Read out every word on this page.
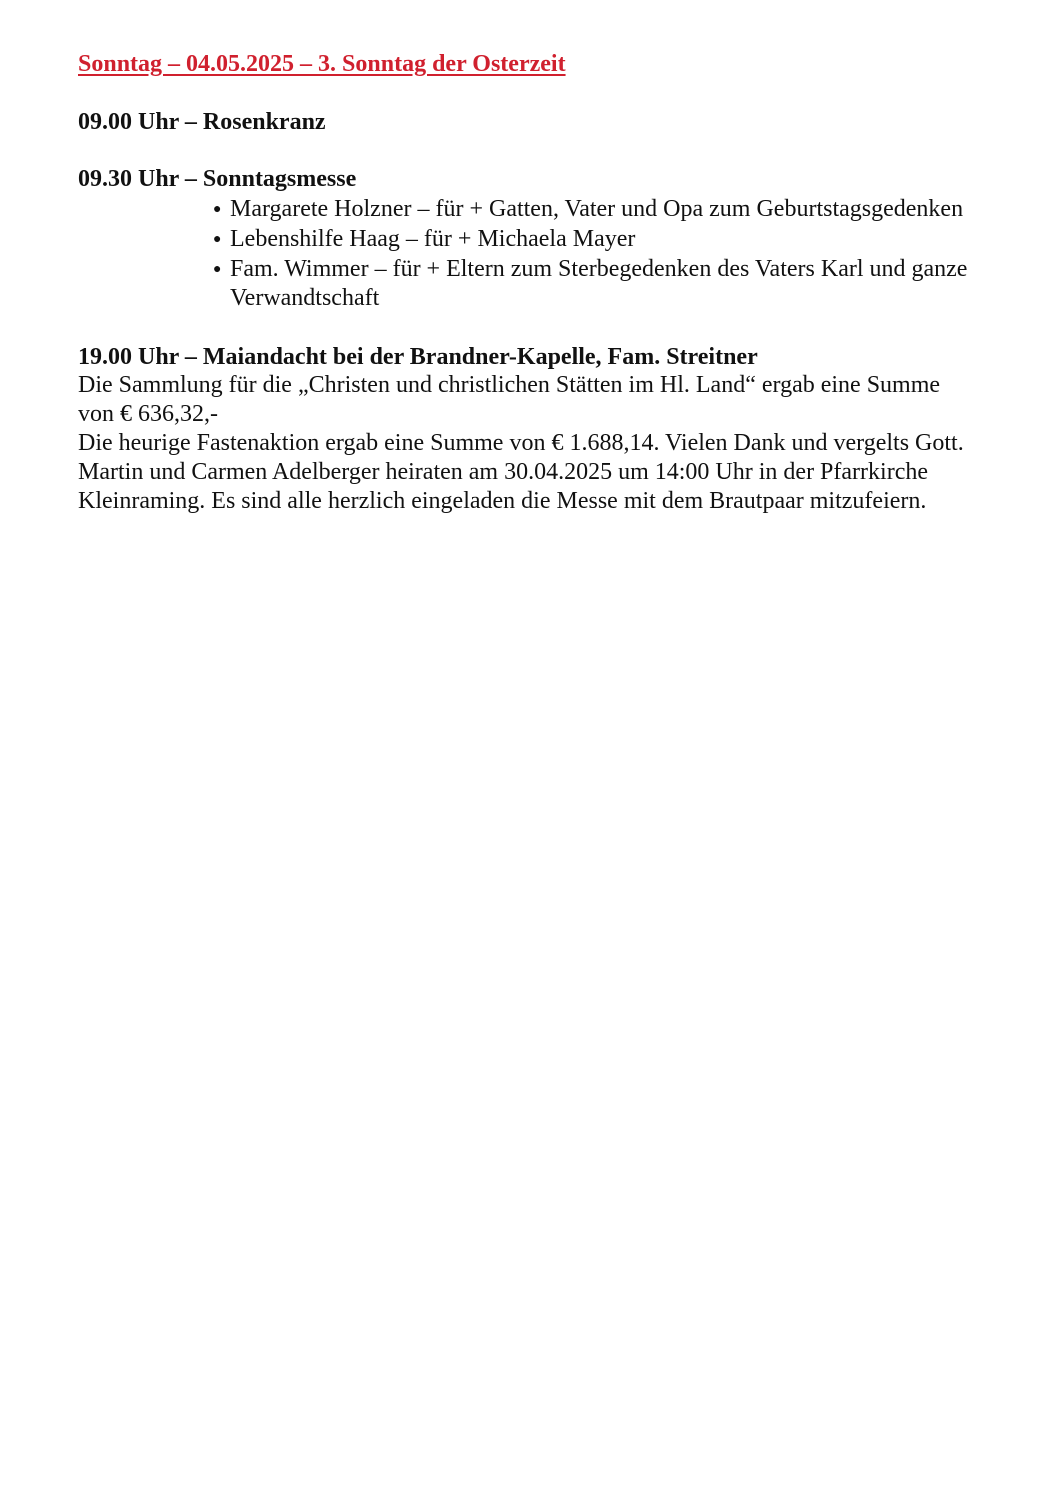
Sonntag – 04.05.2025 – 3. Sonntag der Osterzeit

09.00 Uhr – Rosenkranz

09.30 Uhr – Sonntagsmesse

● Margarete Holzner – für + Gatten, Vater und Opa zum Geburtstagsgedenken
● Lebenshilfe Haag – für + Michaela Mayer
● Fam. Wimmer – für + Eltern zum Sterbegedenken des Vaters Karl und ganze Verwandtschaft

19.00 Uhr – Maiandacht bei der Brandner-Kapelle, Fam. Streitner

Die Sammlung für die „Christen und christlichen Stätten im Hl. Land“ ergab eine Summe von € 636,32,-

Die heurige Fastenaktion ergab eine Summe von € 1.688,14. Vielen Dank und vergelts Gott.

Martin und Carmen Adelberger heiraten am 30.04.2025 um 14:00 Uhr in der Pfarrkirche Kleinraming. Es sind alle herzlich eingeladen die Messe mit dem Brautpaar mitzufeiern.
